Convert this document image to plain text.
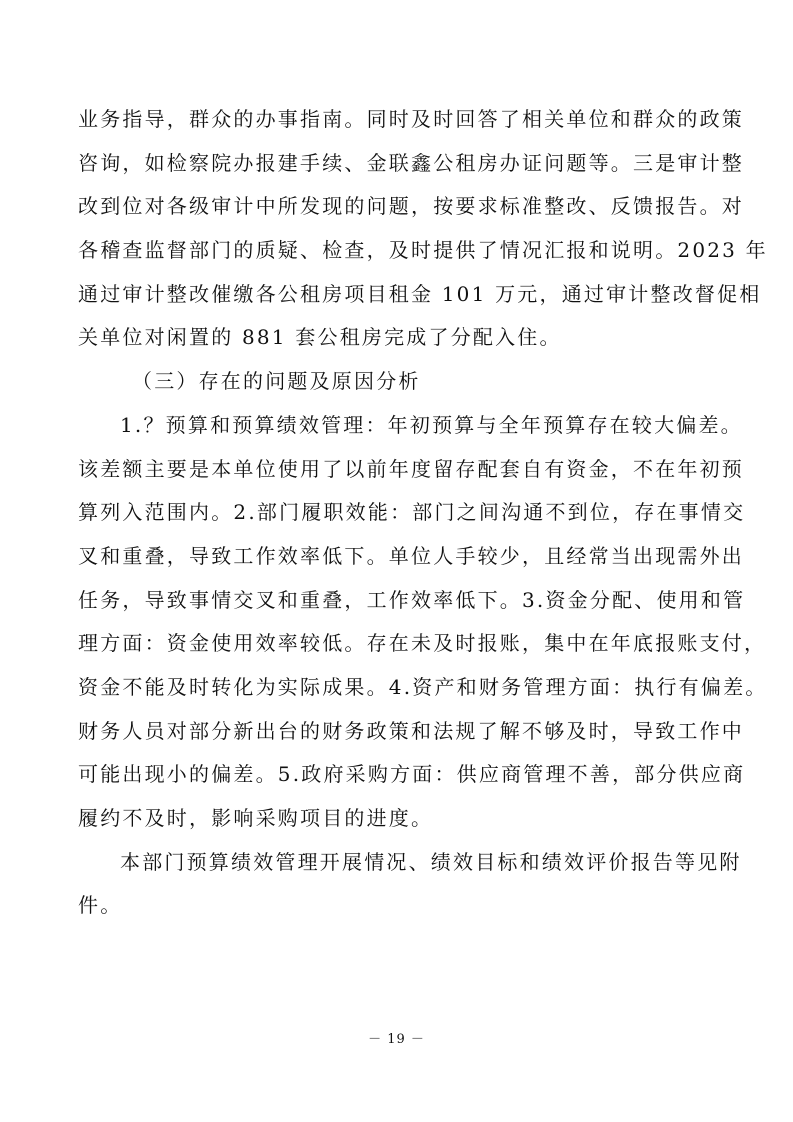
业务指导，群众的办事指南。同时及时回答了相关单位和群众的政策
咨询，如检察院办报建手续、金联鑫公租房办证问题等。三是审计整
改到位对各级审计中所发现的问题，按要求标准整改、反馈报告。对
各稽查监督部门的质疑、检查，及时提供了情况汇报和说明。2023 年
通过审计整改催缴各公租房项目租金 101 万元，通过审计整改督促相
关单位对闲置的 881 套公租房完成了分配入住。
（三）存在的问题及原因分析
1.？预算和预算绩效管理：年初预算与全年预算存在较大偏差。
该差额主要是本单位使用了以前年度留存配套自有资金，不在年初预
算列入范围内。2.部门履职效能：部门之间沟通不到位，存在事情交
叉和重叠，导致工作效率低下。单位人手较少，且经常当出现需外出
任务，导致事情交叉和重叠，工作效率低下。3.资金分配、使用和管
理方面：资金使用效率较低。存在未及时报账，集中在年底报账支付，
资金不能及时转化为实际成果。4.资产和财务管理方面：执行有偏差。
财务人员对部分新出台的财务政策和法规了解不够及时，导致工作中
可能出现小的偏差。5.政府采购方面：供应商管理不善，部分供应商
履约不及时，影响采购项目的进度。
本部门预算绩效管理开展情况、绩效目标和绩效评价报告等见附
件。
－ 19 －
